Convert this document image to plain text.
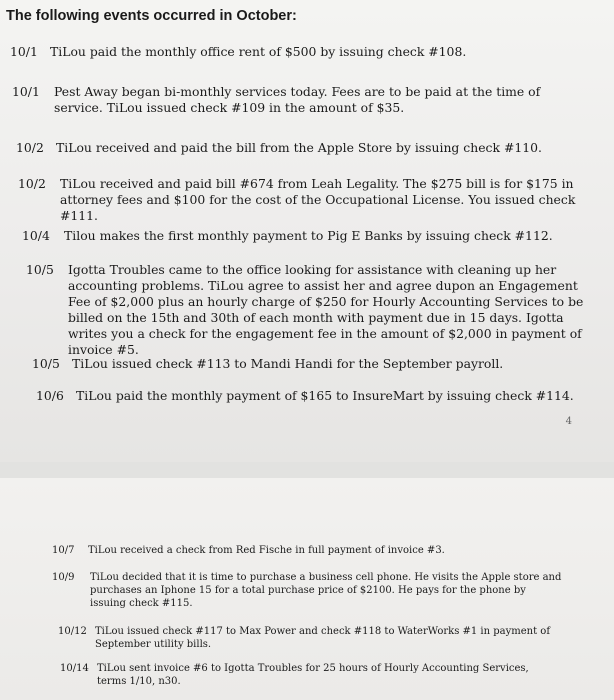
The following events occurred in October:
10/1 TiLou paid the monthly office rent of $500 by issuing check #108.
10/1 Pest Away began bi-monthly services today. Fees are to be paid at the time of service. TiLou issued check #109 in the amount of $35.
10/2 TiLou received and paid the bill from the Apple Store by issuing check #110.
10/2 TiLou received and paid bill #674 from Leah Legality. The $275 bill is for $175 in attorney fees and $100 for the cost of the Occupational License. You issued check #111.
10/4 Tilou makes the first monthly payment to Pig E Banks by issuing check #112.
10/5 Igotta Troubles came to the office looking for assistance with cleaning up her accounting problems. TiLou agree to assist her and agree dupon an Engagement Fee of $2,000 plus an hourly charge of $250 for Hourly Accounting Services to be billed on the 15th and 30th of each month with payment due in 15 days. Igotta writes you a check for the engagement fee in the amount of $2,000 in payment of invoice #5.
10/5 TiLou issued check #113 to Mandi Handi for the September payroll.
10/6 TiLou paid the monthly payment of $165 to InsureMart by issuing check #114.
4
10/7 TiLou received a check from Red Fische in full payment of invoice #3.
10/9 TiLou decided that it is time to purchase a business cell phone. He visits the Apple store and purchases an Iphone 15 for a total purchase price of $2100. He pays for the phone by issuing check #115.
10/12 TiLou issued check #117 to Max Power and check #118 to WaterWorks #1 in payment of September utility bills.
10/14 TiLou sent invoice #6 to Igotta Troubles for 25 hours of Hourly Accounting Services, terms 1/10, n30.
